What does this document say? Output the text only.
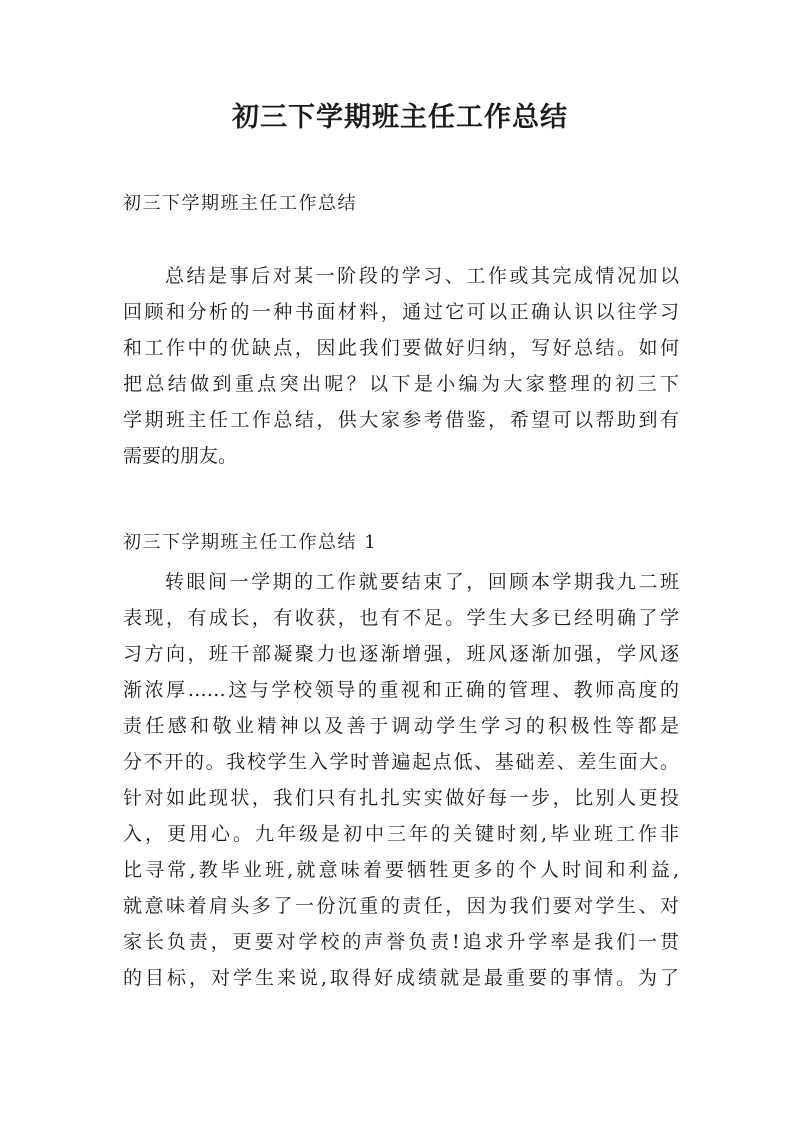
初三下学期班主任工作总结

初三下学期班主任工作总结

总结是事后对某一阶段的学习、工作或其完成情况加以
回顾和分析的一种书面材料，通过它可以正确认识以往学习
和工作中的优缺点，因此我们要做好归纳，写好总结。如何
把总结做到重点突出呢？以下是小编为大家整理的初三下
学期班主任工作总结，供大家参考借鉴，希望可以帮助到有
需要的朋友。

初三下学期班主任工作总结 1

转眼间一学期的工作就要结束了，回顾本学期我九二班
表现，有成长，有收获，也有不足。学生大多已经明确了学
习方向，班干部凝聚力也逐渐增强，班风逐渐加强，学风逐
渐浓厚……这与学校领导的重视和正确的管理、教师高度的
责任感和敬业精神以及善于调动学生学习的积极性等都是
分不开的。我校学生入学时普遍起点低、基础差、差生面大。
针对如此现状，我们只有扎扎实实做好每一步，比别人更投
入，更用心。九年级是初中三年的关键时刻,毕业班工作非
比寻常,教毕业班,就意味着要牺牲更多的个人时间和利益,
就意味着肩头多了一份沉重的责任，因为我们要对学生、对
家长负责，更要对学校的声誉负责!追求升学率是我们一贯
的目标，对学生来说,取得好成绩就是最重要的事情。为了
